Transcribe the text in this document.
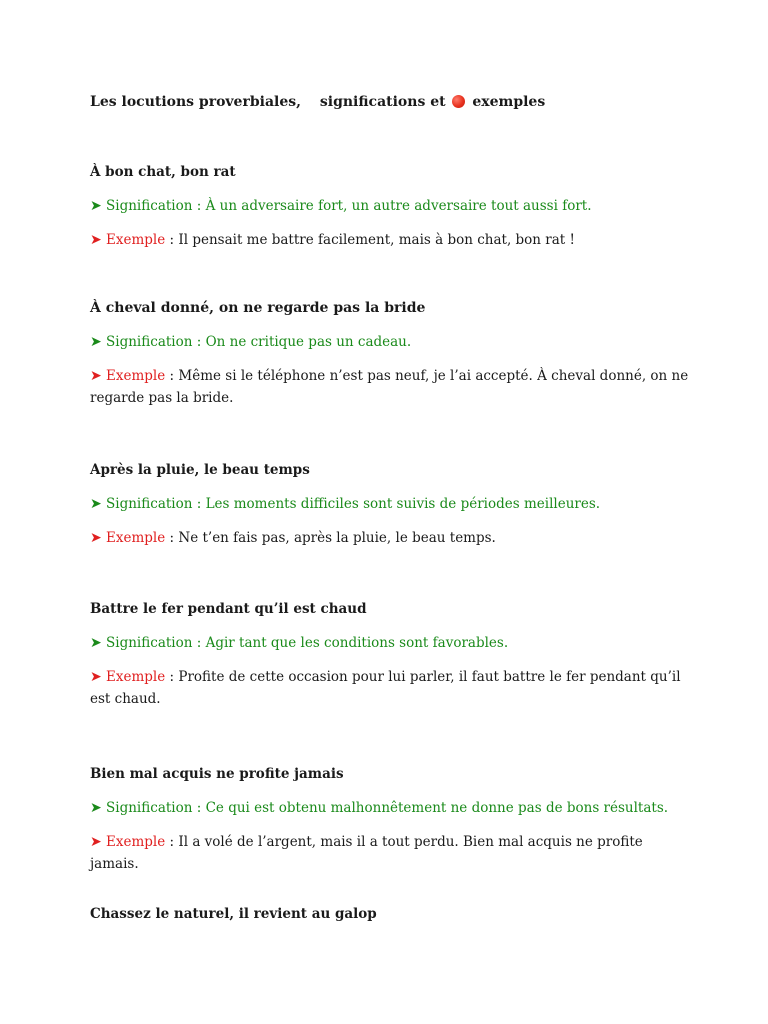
Les locutions proverbiales, significations et exemples

À bon chat, bon rat

➤ Signification : À un adversaire fort, un autre adversaire tout aussi fort.

➤ Exemple : Il pensait me battre facilement, mais à bon chat, bon rat !

À cheval donné, on ne regarde pas la bride

➤ Signification : On ne critique pas un cadeau.

➤ Exemple : Même si le téléphone n’est pas neuf, je l’ai accepté. À cheval donné, on ne regarde pas la bride.

Après la pluie, le beau temps

➤ Signification : Les moments difficiles sont suivis de périodes meilleures.

➤ Exemple : Ne t’en fais pas, après la pluie, le beau temps.

Battre le fer pendant qu’il est chaud

➤ Signification : Agir tant que les conditions sont favorables.

➤ Exemple : Profite de cette occasion pour lui parler, il faut battre le fer pendant qu’il est chaud.

Bien mal acquis ne profite jamais

➤ Signification : Ce qui est obtenu malhonnêtement ne donne pas de bons résultats.

➤ Exemple : Il a volé de l’argent, mais il a tout perdu. Bien mal acquis ne profite jamais.

Chassez le naturel, il revient au galop
